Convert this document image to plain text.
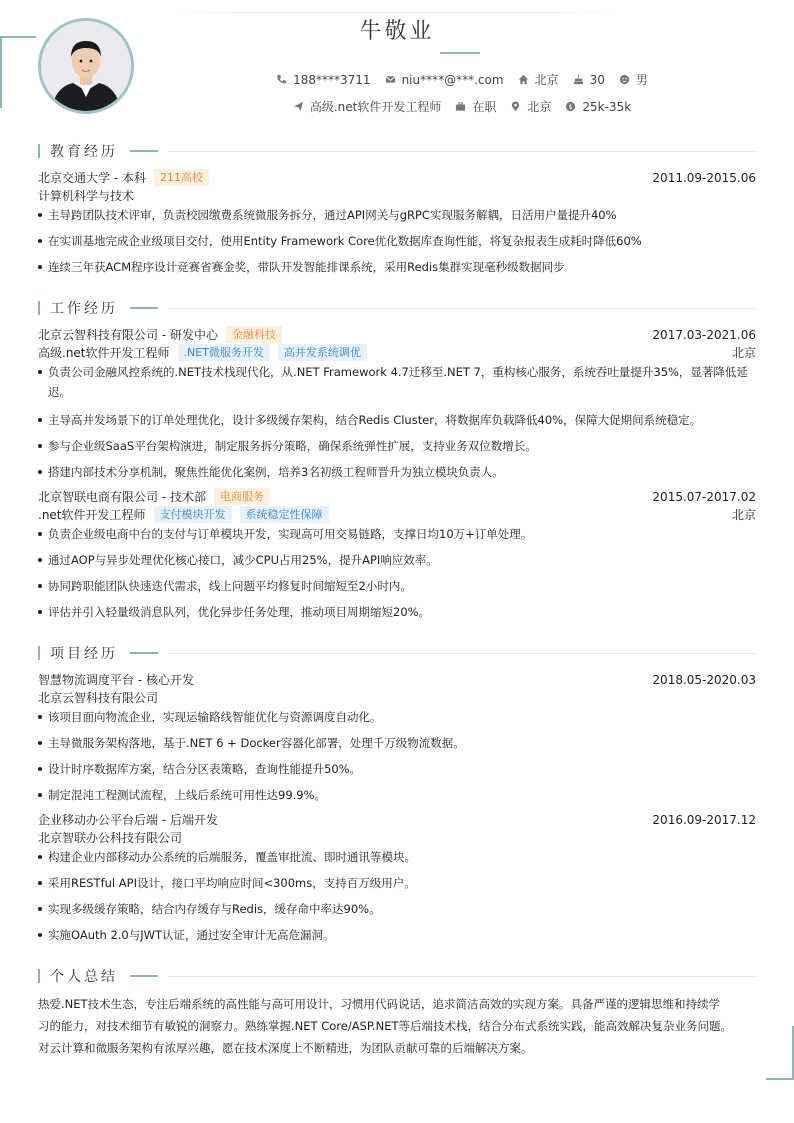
牛敬业
188****3711	niu****@***.com	北京	30	男
高级.net软件开发工程师	在职	北京 $ 25k-35k
教育经历
北京交通大学 - 本科	211高校	2011.09-2015.06
计算机科学与技术
主导跨团队技术评审，负责校园缴费系统微服务拆分，通过API网关与gRPC实现服务解耦，日活用户量提升40%
在实训基地完成企业级项目交付，使用Entity Framework Core优化数据库查询性能，将复杂报表生成耗时降低60%
连续三年获ACM程序设计竞赛省赛金奖，带队开发智能排课系统，采用Redis集群实现毫秒级数据同步
工作经历
北京云智科技有限公司 - 研发中心	金融科技	2017.03-2021.06
高级.net软件开发工程师	.NET微服务开发	高并发系统调优	北京
负责公司金融风控系统的.NET技术栈现代化，从.NET Framework 4.7迁移至.NET 7，重构核心服务，系统吞吐量提升35%，显著降低延迟。
主导高并发场景下的订单处理优化，设计多级缓存架构，结合Redis Cluster，将数据库负载降低40%，保障大促期间系统稳定。
参与企业级SaaS平台架构演进，制定服务拆分策略，确保系统弹性扩展，支持业务双位数增长。
搭建内部技术分享机制，聚焦性能优化案例，培养3名初级工程师晋升为独立模块负责人。
北京智联电商有限公司 - 技术部	电商服务	2015.07-2017.02
.net软件开发工程师	支付模块开发	系统稳定性保障	北京
负责企业级电商中台的支付与订单模块开发，实现高可用交易链路，支撑日均10万+订单处理。
通过AOP与异步处理优化核心接口，减少CPU占用25%，提升API响应效率。
协同跨职能团队快速迭代需求，线上问题平均修复时间缩短至2小时内。
评估并引入轻量级消息队列，优化异步任务处理，推动项目周期缩短20%。
项目经历
智慧物流调度平台 - 核心开发	2018.05-2020.03
北京云智科技有限公司
该项目面向物流企业，实现运输路线智能优化与资源调度自动化。
主导微服务架构落地，基于.NET 6 + Docker容器化部署，处理千万级物流数据。
设计时序数据库方案，结合分区表策略，查询性能提升50%。
制定混沌工程测试流程，上线后系统可用性达99.9%。
企业移动办公平台后端 - 后端开发	2016.09-2017.12
北京智联办公科技有限公司
构建企业内部移动办公系统的后端服务，覆盖审批流、即时通讯等模块。
采用RESTful API设计，接口平均响应时间<300ms，支持百万级用户。
实现多级缓存策略，结合内存缓存与Redis，缓存命中率达90%。
实施OAuth 2.0与JWT认证，通过安全审计无高危漏洞。
个人总结
热爱.NET技术生态，专注后端系统的高性能与高可用设计，习惯用代码说话，追求简洁高效的实现方案。具备严谨的逻辑思维和持续学
习的能力，对技术细节有敏锐的洞察力。熟练掌握.NET Core/ASP.NET等后端技术栈，结合分布式系统实践，能高效解决复杂业务问题。
对云计算和微服务架构有浓厚兴趣，愿在技术深度上不断精进，为团队贡献可靠的后端解决方案。
